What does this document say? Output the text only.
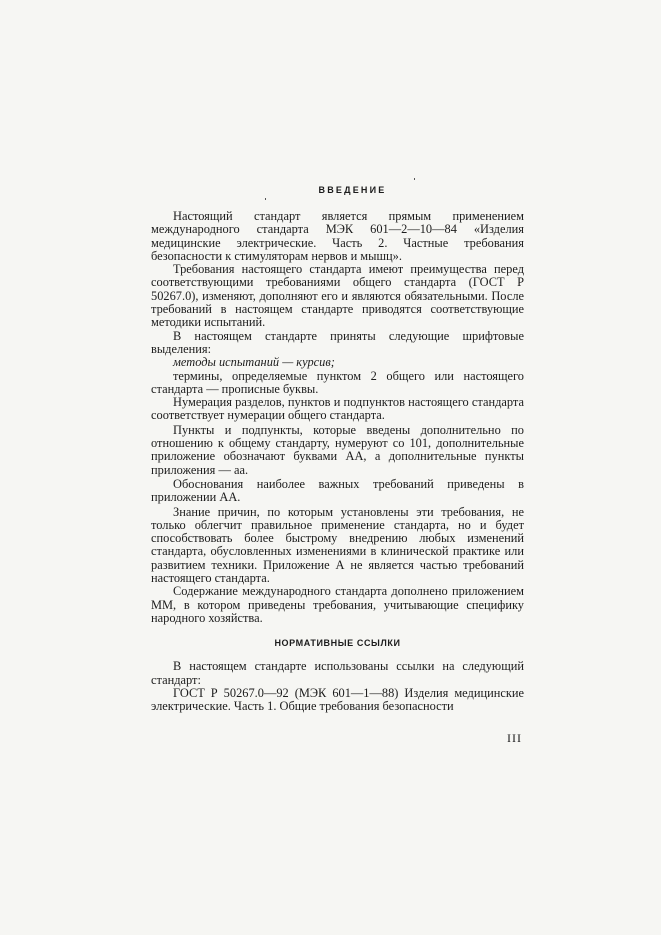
ВВЕДЕНИЕ

Настоящий стандарт является прямым применением международного стандарта МЭК 601—2—10—84 «Изделия медицинские электрические. Часть 2. Частные требования безопасности к стимуляторам нервов и мышц».

Требования настоящего стандарта имеют преимущества перед соответствующими требованиями общего стандарта (ГОСТ Р 50267.0), изменяют, дополняют его и являются обязательными. После требований в настоящем стандарте приводятся соответствующие методики испытаний.

В настоящем стандарте приняты следующие шрифтовые выделения:

методы испытаний — курсив;

термины, определяемые пунктом 2 общего или настоящего стандарта — прописные буквы.

Нумерация разделов, пунктов и подпунктов настоящего стандарта соответствует нумерации общего стандарта.

Пункты и подпункты, которые введены дополнительно по отношению к общему стандарту, нумеруют со 101, дополнительные приложение обозначают буквами АА, а дополнительные пункты приложения — аа.

Обоснования наиболее важных требований приведены в приложении АА.

Знание причин, по которым установлены эти требования, не только облегчит правильное применение стандарта, но и будет способствовать более быстрому внедрению любых изменений стандарта, обусловленных изменениями в клинической практике или развитием техники. Приложение А не является частью требований настоящего стандарта.

Содержание международного стандарта дополнено приложением ММ, в котором приведены требования, учитывающие специфику народного хозяйства.

НОРМАТИВНЫЕ ССЫЛКИ

В настоящем стандарте использованы ссылки на следующий стандарт:

ГОСТ Р 50267.0—92 (МЭК 601—1—88) Изделия медицинские электрические. Часть 1. Общие требования безопасности

III
